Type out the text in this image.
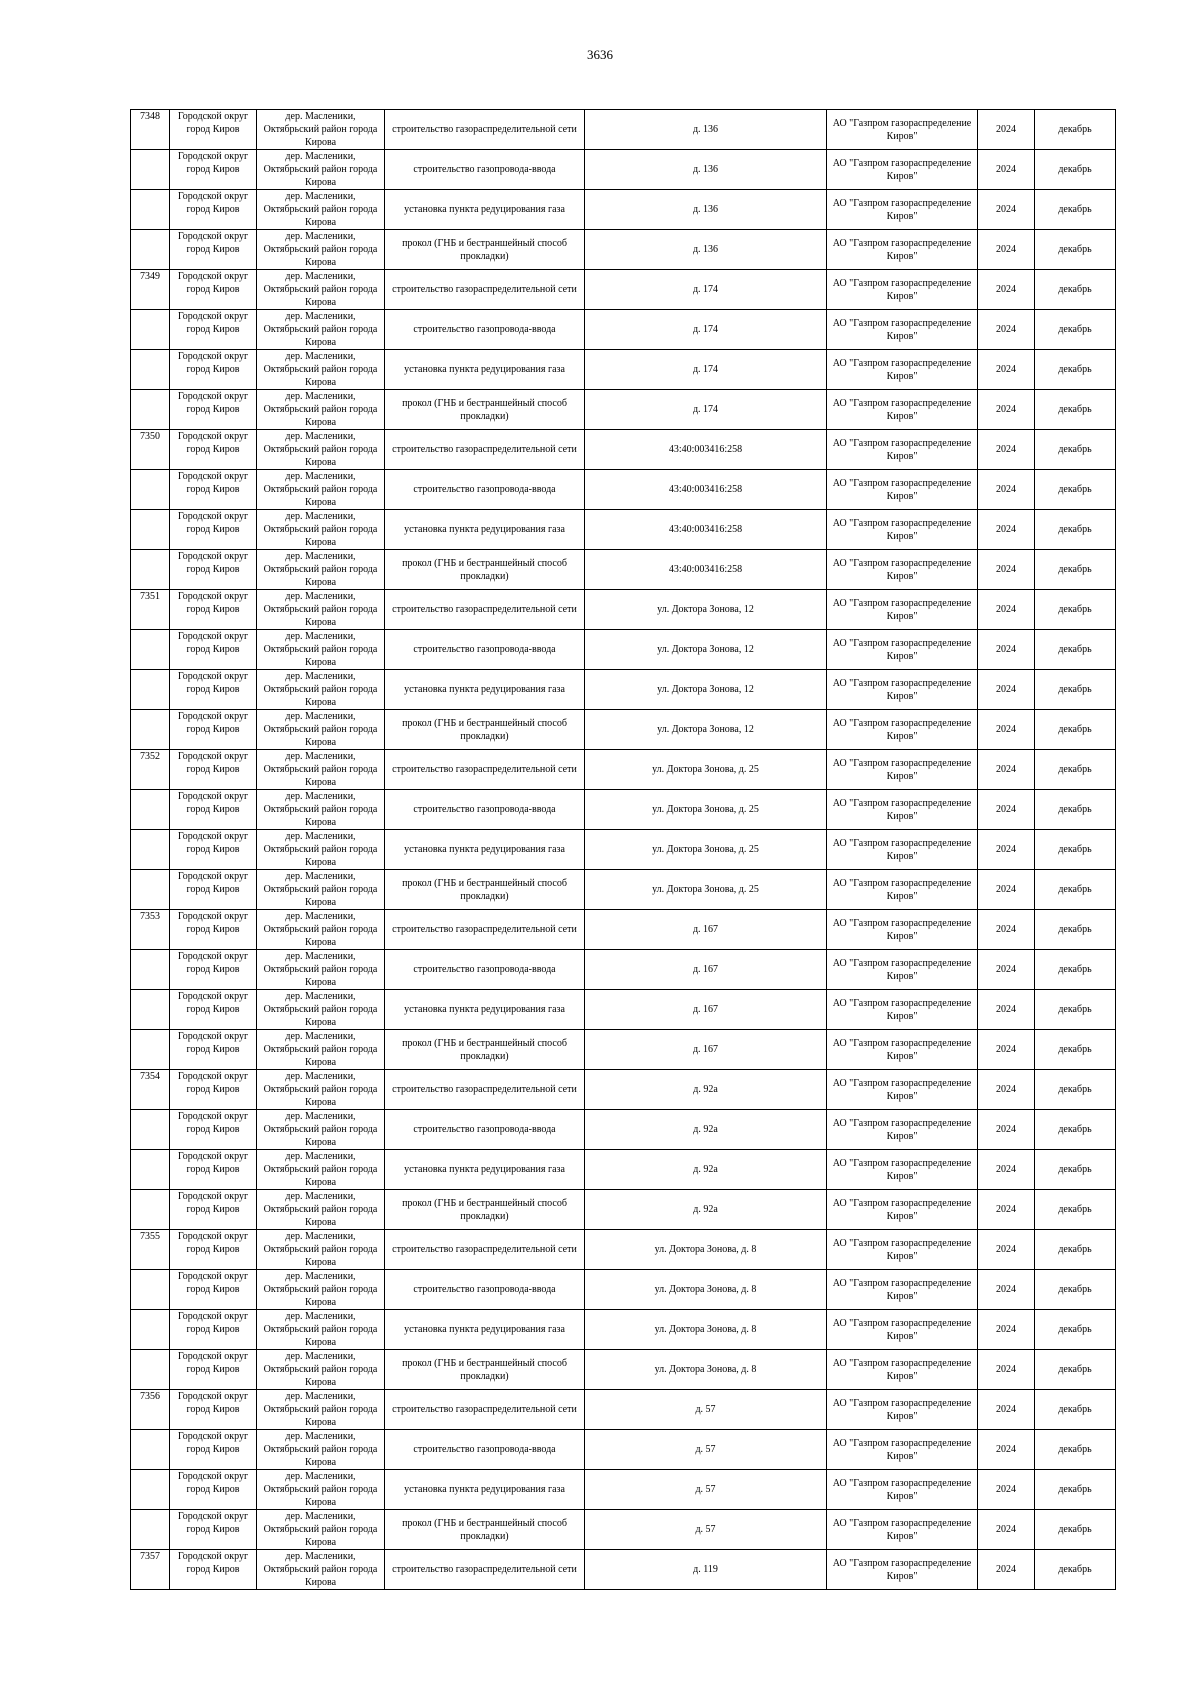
3636
7348	Городской округ город Киров	дер. Масленики, Октябрьский район города Кирова	строительство газораспределительной сети	д. 136	АО "Газпром газораспределение Киров"	2024	декабрь
	Городской округ город Киров	дер. Масленики, Октябрьский район города Кирова	строительство газопровода-ввода	д. 136	АО "Газпром газораспределение Киров"	2024	декабрь
	Городской округ город Киров	дер. Масленики, Октябрьский район города Кирова	установка пункта редуцирования газа	д. 136	АО "Газпром газораспределение Киров"	2024	декабрь
	Городской округ город Киров	дер. Масленики, Октябрьский район города Кирова	прокол (ГНБ и бестраншейный способ прокладки)	д. 136	АО "Газпром газораспределение Киров"	2024	декабрь
7349	Городской округ город Киров	дер. Масленики, Октябрьский район города Кирова	строительство газораспределительной сети	д. 174	АО "Газпром газораспределение Киров"	2024	декабрь
	Городской округ город Киров	дер. Масленики, Октябрьский район города Кирова	строительство газопровода-ввода	д. 174	АО "Газпром газораспределение Киров"	2024	декабрь
	Городской округ город Киров	дер. Масленики, Октябрьский район города Кирова	установка пункта редуцирования газа	д. 174	АО "Газпром газораспределение Киров"	2024	декабрь
	Городской округ город Киров	дер. Масленики, Октябрьский район города Кирова	прокол (ГНБ и бестраншейный способ прокладки)	д. 174	АО "Газпром газораспределение Киров"	2024	декабрь
7350	Городской округ город Киров	дер. Масленики, Октябрьский район города Кирова	строительство газораспределительной сети	43:40:003416:258	АО "Газпром газораспределение Киров"	2024	декабрь
	Городской округ город Киров	дер. Масленики, Октябрьский район города Кирова	строительство газопровода-ввода	43:40:003416:258	АО "Газпром газораспределение Киров"	2024	декабрь
	Городской округ город Киров	дер. Масленики, Октябрьский район города Кирова	установка пункта редуцирования газа	43:40:003416:258	АО "Газпром газораспределение Киров"	2024	декабрь
	Городской округ город Киров	дер. Масленики, Октябрьский район города Кирова	прокол (ГНБ и бестраншейный способ прокладки)	43:40:003416:258	АО "Газпром газораспределение Киров"	2024	декабрь
7351	Городской округ город Киров	дер. Масленики, Октябрьский район города Кирова	строительство газораспределительной сети	ул. Доктора Зонова, 12	АО "Газпром газораспределение Киров"	2024	декабрь
	Городской округ город Киров	дер. Масленики, Октябрьский район города Кирова	строительство газопровода-ввода	ул. Доктора Зонова, 12	АО "Газпром газораспределение Киров"	2024	декабрь
	Городской округ город Киров	дер. Масленики, Октябрьский район города Кирова	установка пункта редуцирования газа	ул. Доктора Зонова, 12	АО "Газпром газораспределение Киров"	2024	декабрь
	Городской округ город Киров	дер. Масленики, Октябрьский район города Кирова	прокол (ГНБ и бестраншейный способ прокладки)	ул. Доктора Зонова, 12	АО "Газпром газораспределение Киров"	2024	декабрь
7352	Городской округ город Киров	дер. Масленики, Октябрьский район города Кирова	строительство газораспределительной сети	ул. Доктора Зонова, д. 25	АО "Газпром газораспределение Киров"	2024	декабрь
	Городской округ город Киров	дер. Масленики, Октябрьский район города Кирова	строительство газопровода-ввода	ул. Доктора Зонова, д. 25	АО "Газпром газораспределение Киров"	2024	декабрь
	Городской округ город Киров	дер. Масленики, Октябрьский район города Кирова	установка пункта редуцирования газа	ул. Доктора Зонова, д. 25	АО "Газпром газораспределение Киров"	2024	декабрь
	Городской округ город Киров	дер. Масленики, Октябрьский район города Кирова	прокол (ГНБ и бестраншейный способ прокладки)	ул. Доктора Зонова, д. 25	АО "Газпром газораспределение Киров"	2024	декабрь
7353	Городской округ город Киров	дер. Масленики, Октябрьский район города Кирова	строительство газораспределительной сети	д. 167	АО "Газпром газораспределение Киров"	2024	декабрь
	Городской округ город Киров	дер. Масленики, Октябрьский район города Кирова	строительство газопровода-ввода	д. 167	АО "Газпром газораспределение Киров"	2024	декабрь
	Городской округ город Киров	дер. Масленики, Октябрьский район города Кирова	установка пункта редуцирования газа	д. 167	АО "Газпром газораспределение Киров"	2024	декабрь
	Городской округ город Киров	дер. Масленики, Октябрьский район города Кирова	прокол (ГНБ и бестраншейный способ прокладки)	д. 167	АО "Газпром газораспределение Киров"	2024	декабрь
7354	Городской округ город Киров	дер. Масленики, Октябрьский район города Кирова	строительство газораспределительной сети	д. 92а	АО "Газпром газораспределение Киров"	2024	декабрь
	Городской округ город Киров	дер. Масленики, Октябрьский район города Кирова	строительство газопровода-ввода	д. 92а	АО "Газпром газораспределение Киров"	2024	декабрь
	Городской округ город Киров	дер. Масленики, Октябрьский район города Кирова	установка пункта редуцирования газа	д. 92а	АО "Газпром газораспределение Киров"	2024	декабрь
	Городской округ город Киров	дер. Масленики, Октябрьский район города Кирова	прокол (ГНБ и бестраншейный способ прокладки)	д. 92а	АО "Газпром газораспределение Киров"	2024	декабрь
7355	Городской округ город Киров	дер. Масленики, Октябрьский район города Кирова	строительство газораспределительной сети	ул. Доктора Зонова, д. 8	АО "Газпром газораспределение Киров"	2024	декабрь
	Городской округ город Киров	дер. Масленики, Октябрьский район города Кирова	строительство газопровода-ввода	ул. Доктора Зонова, д. 8	АО "Газпром газораспределение Киров"	2024	декабрь
	Городской округ город Киров	дер. Масленики, Октябрьский район города Кирова	установка пункта редуцирования газа	ул. Доктора Зонова, д. 8	АО "Газпром газораспределение Киров"	2024	декабрь
	Городской округ город Киров	дер. Масленики, Октябрьский район города Кирова	прокол (ГНБ и бестраншейный способ прокладки)	ул. Доктора Зонова, д. 8	АО "Газпром газораспределение Киров"	2024	декабрь
7356	Городской округ город Киров	дер. Масленики, Октябрьский район города Кирова	строительство газораспределительной сети	д. 57	АО "Газпром газораспределение Киров"	2024	декабрь
	Городской округ город Киров	дер. Масленики, Октябрьский район города Кирова	строительство газопровода-ввода	д. 57	АО "Газпром газораспределение Киров"	2024	декабрь
	Городской округ город Киров	дер. Масленики, Октябрьский район города Кирова	установка пункта редуцирования газа	д. 57	АО "Газпром газораспределение Киров"	2024	декабрь
	Городской округ город Киров	дер. Масленики, Октябрьский район города Кирова	прокол (ГНБ и бестраншейный способ прокладки)	д. 57	АО "Газпром газораспределение Киров"	2024	декабрь
7357	Городской округ город Киров	дер. Масленики, Октябрьский район города Кирова	строительство газораспределительной сети	д. 119	АО "Газпром газораспределение Киров"	2024	декабрь
